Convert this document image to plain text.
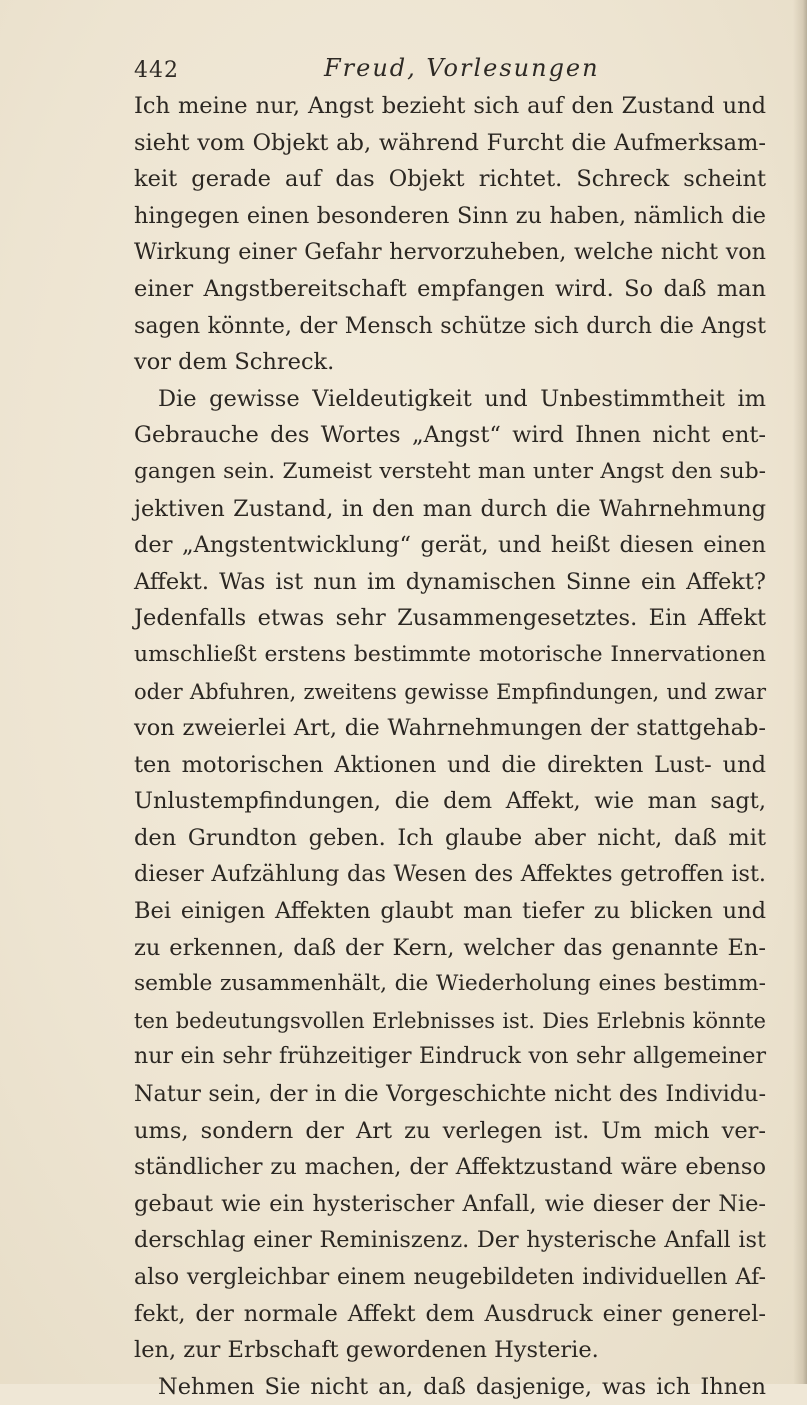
442	Freud, Vorlesungen
Ich meine nur, Angst bezieht sich auf den Zustand und
sieht vom Objekt ab, während Furcht die Aufmerksam-
keit gerade auf das Objekt richtet. Schreck scheint
hingegen einen besonderen Sinn zu haben, nämlich die
Wirkung einer Gefahr hervorzuheben, welche nicht von
einer Angstbereitschaft empfangen wird. So daß man
sagen könnte, der Mensch schütze sich durch die Angst
vor dem Schreck.
Die gewisse Vieldeutigkeit und Unbestimmtheit im
Gebrauche des Wortes „Angst“ wird Ihnen nicht ent-
gangen sein. Zumeist versteht man unter Angst den sub-
jektiven Zustand, in den man durch die Wahrnehmung
der „Angstentwicklung“ gerät, und heißt diesen einen
Affekt. Was ist nun im dynamischen Sinne ein Affekt?
Jedenfalls etwas sehr Zusammengesetztes. Ein Affekt
umschließt erstens bestimmte motorische Innervationen
oder Abfuhren, zweitens gewisse Empfindungen, und zwar
von zweierlei Art, die Wahrnehmungen der stattgehab-
ten motorischen Aktionen und die direkten Lust- und
Unlustempfindungen, die dem Affekt, wie man sagt,
den Grundton geben. Ich glaube aber nicht, daß mit
dieser Aufzählung das Wesen des Affektes getroffen ist.
Bei einigen Affekten glaubt man tiefer zu blicken und
zu erkennen, daß der Kern, welcher das genannte En-
semble zusammenhält, die Wiederholung eines bestimm-
ten bedeutungsvollen Erlebnisses ist. Dies Erlebnis könnte
nur ein sehr frühzeitiger Eindruck von sehr allgemeiner
Natur sein, der in die Vorgeschichte nicht des Individu-
ums, sondern der Art zu verlegen ist. Um mich ver-
ständlicher zu machen, der Affektzustand wäre ebenso
gebaut wie ein hysterischer Anfall, wie dieser der Nie-
derschlag einer Reminiszenz. Der hysterische Anfall ist
also vergleichbar einem neugebildeten individuellen Af-
fekt, der normale Affekt dem Ausdruck einer generel-
len, zur Erbschaft gewordenen Hysterie.
Nehmen Sie nicht an, daß dasjenige, was ich Ihnen
